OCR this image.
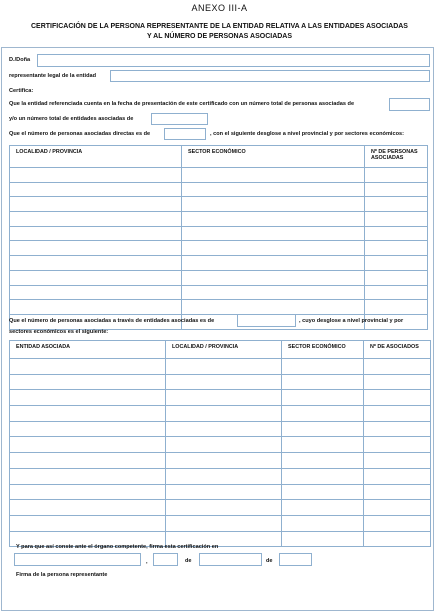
ANEXO III-A
CERTIFICACIÓN DE LA PERSONA REPRESENTANTE DE LA ENTIDAD RELATIVA A LAS ENTIDADES ASOCIADAS
Y AL NÚMERO DE PERSONAS ASOCIADAS
D./Doña
representante legal de la entidad
Certifica:
Que la entidad referenciada cuenta en la fecha de presentación de este certificado con un número total de personas asociadas de
y/o un número total de entidades asociadas de
Que el número de personas asociadas directas es de	, con el siguiente desglose a nivel provincial y por sectores económicos:
LOCALIDAD / PROVINCIA	SECTOR ECONÓMICO	Nº DE PERSONAS ASOCIADAS

Que el número de personas asociadas a través de entidades asociadas es de	, cuyo desglose a nivel provincial y por
sectores económicos es el siguiente:
ENTIDAD ASOCIADA	LOCALIDAD / PROVINCIA	SECTOR ECONÓMICO	Nº DE ASOCIADOS

Y para que así conste ante el órgano competente, firma esta certificación en
,	de	de
Firma de la persona representante
